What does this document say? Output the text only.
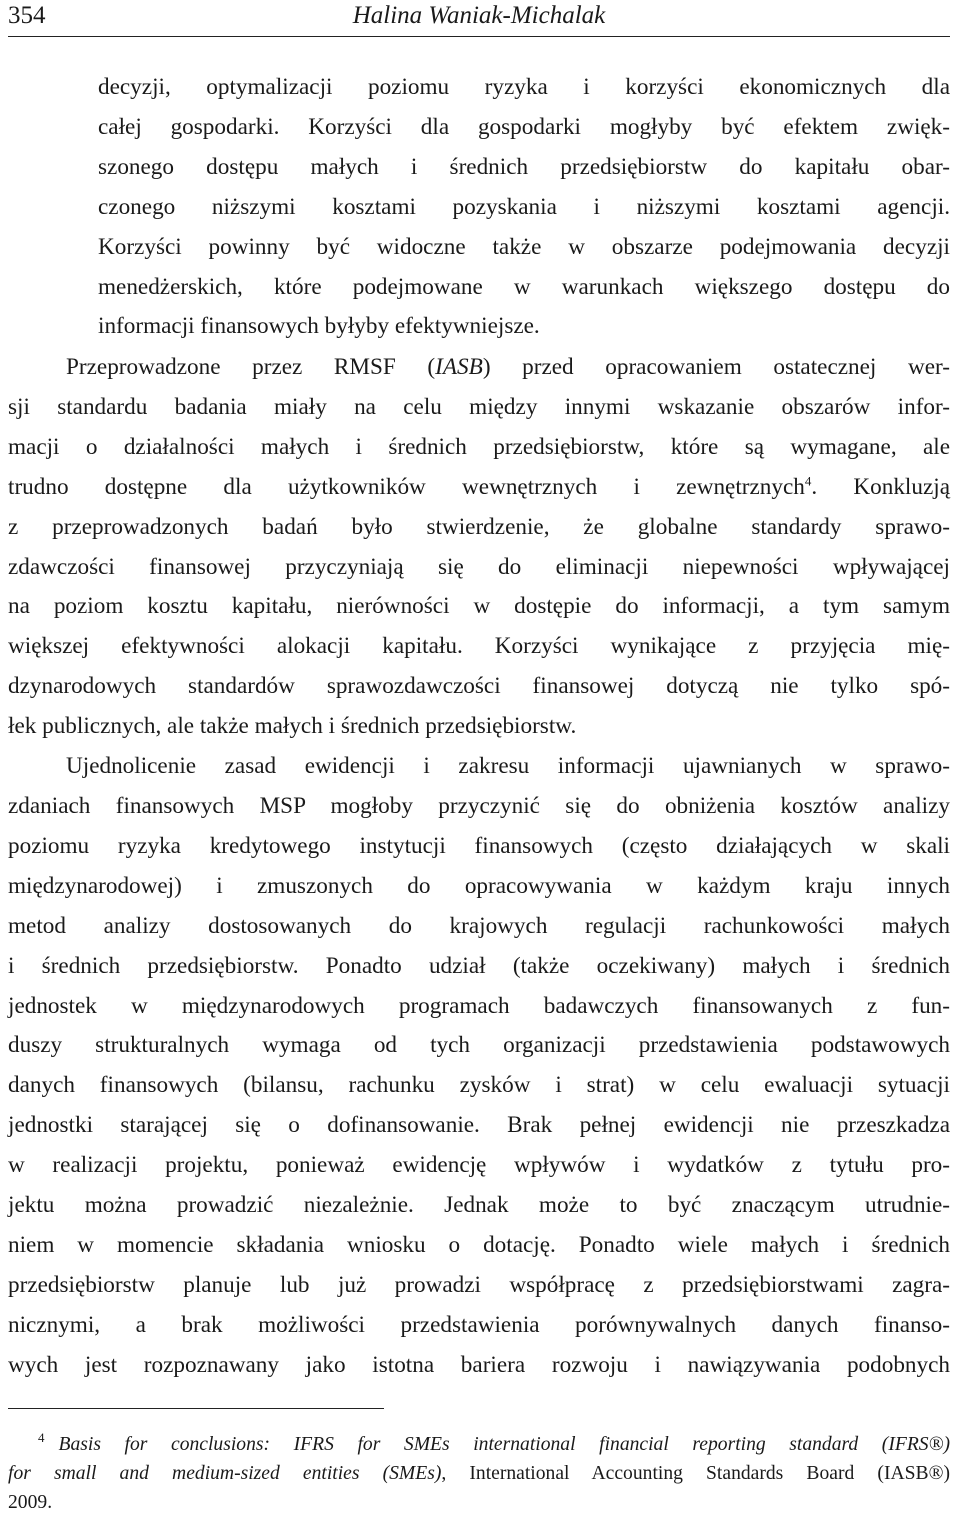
354	Halina Waniak-Michalak
decyzji, optymalizacji poziomu ryzyka i korzyści ekonomicznych dla
całej gospodarki. Korzyści dla gospodarki mogłyby być efektem zwięk-
szonego dostępu małych i średnich przedsiębiorstw do kapitału obar-
czonego niższymi kosztami pozyskania i niższymi kosztami agencji.
Korzyści powinny być widoczne także w obszarze podejmowania decyzji
menedżerskich, które podejmowane w warunkach większego dostępu do
informacji finansowych byłyby efektywniejsze.
Przeprowadzone przez RMSF (IASB) przed opracowaniem ostatecznej wer-
sji standardu badania miały na celu między innymi wskazanie obszarów infor-
macji o działalności małych i średnich przedsiębiorstw, które są wymagane, ale
trudno dostępne dla użytkowników wewnętrznych i zewnętrznych$^4$. Konkluzją
z przeprowadzonych badań było stwierdzenie, że globalne standardy sprawo-
zdawczości finansowej przyczyniają się do eliminacji niepewności wpływającej
na poziom kosztu kapitału, nierówności w dostępie do informacji, a tym samym
większej efektywności alokacji kapitału. Korzyści wynikające z przyjęcia mię-
dzynarodowych standardów sprawozdawczości finansowej dotyczą nie tylko spó-
łek publicznych, ale także małych i średnich przedsiębiorstw.
Ujednolicenie zasad ewidencji i zakresu informacji ujawnianych w sprawo-
zdaniach finansowych MSP mogłoby przyczynić się do obniżenia kosztów analizy
poziomu ryzyka kredytowego instytucji finansowych (często działających w skali
międzynarodowej) i zmuszonych do opracowywania w każdym kraju innych
metod analizy dostosowanych do krajowych regulacji rachunkowości małych
i średnich przedsiębiorstw. Ponadto udział (także oczekiwany) małych i średnich
jednostek w międzynarodowych programach badawczych finansowanych z fun-
duszy strukturalnych wymaga od tych organizacji przedstawienia podstawowych
danych finansowych (bilansu, rachunku zysków i strat) w celu ewaluacji sytuacji
jednostki starającej się o dofinansowanie. Brak pełnej ewidencji nie przeszkadza
w realizacji projektu, ponieważ ewidencję wpływów i wydatków z tytułu pro-
jektu można prowadzić niezależnie. Jednak może to być znaczącym utrudnie-
niem w momencie składania wniosku o dotację. Ponadto wiele małych i średnich
przedsiębiorstw planuje lub już prowadzi współpracę z przedsiębiorstwami zagra-
nicznymi, a brak możliwości przedstawienia porównywalnych danych finanso-
wych jest rozpoznawany jako istotna bariera rozwoju i nawiązywania podobnych
$^4$ Basis for conclusions: IFRS for SMEs international financial reporting standard (IFRS®)
for small and medium-sized entities (SMEs), International Accounting Standards Board (IASB®)
2009.
